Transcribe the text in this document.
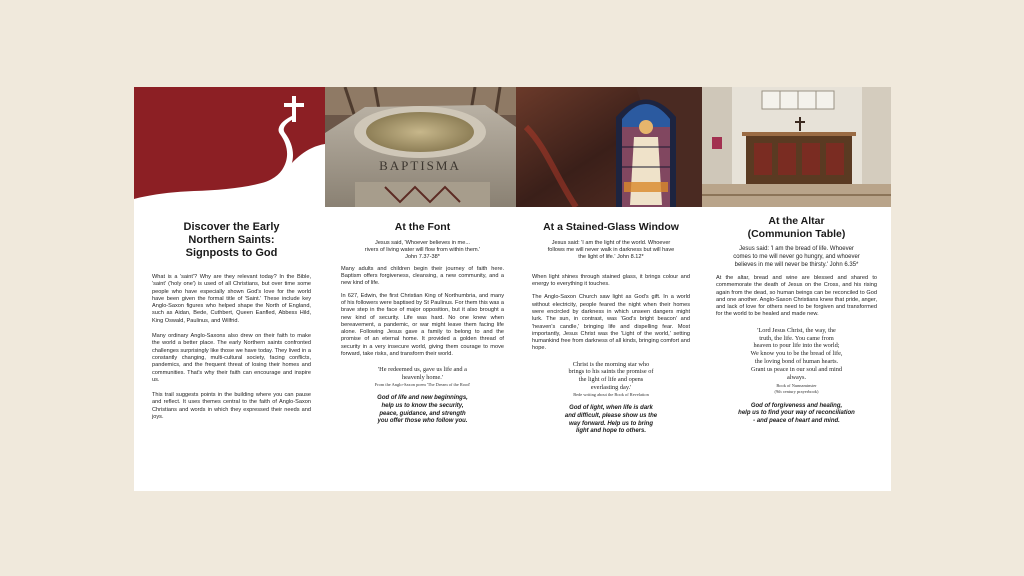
BAPTISMA

Discover the Early
Northern Saints:
Signposts to God

What is a 'saint'? Why are they relevant today? In the Bible, 'saint' ('holy one') is used of all Christians, but over time some people who have especially shown God's love for the world have been given the formal title of 'Saint.' These include key Anglo-Saxon figures who helped shape the North of England, such as Aidan, Bede, Cuthbert, Queen Eanfled, Abbess Hild, King Oswald, Paulinus, and Wilfrid.

Many ordinary Anglo-Saxons also drew on their faith to make the world a better place. The early Northern saints confronted challenges surprisingly like those we have today. They lived in a constantly changing, multi-cultural society, facing conflicts, pandemics, and the frequent threat of losing their homes and communities. That's why their faith can encourage and inspire us.

This trail suggests points in the building where you can pause and reflect. It uses themes central to the faith of Anglo-Saxon Christians and words in which they expressed their needs and joys.

At the Font

Jesus said, 'Whoever believes in me...
rivers of living water will flow from within them.'
John 7.37-38*

Many adults and children begin their journey of faith here. Baptism offers forgiveness, cleansing, a new community, and a new kind of life.

In 627, Edwin, the first Christian King of Northumbria, and many of his followers were baptised by St Paulinus. For them this was a brave step in the face of major opposition, but it also brought a new kind of security. Life was hard. No one knew when bereavement, a pandemic, or war might leave them facing life alone. Following Jesus gave a family to belong to and the promise of an eternal home. It provided a golden thread of security in a very insecure world, giving them courage to move forward, take risks, and transform their world.

'He redeemed us, gave us life and a
heavenly home.'

From the Anglo-Saxon poem 'The Dream of the Rood'

God of life and new beginnings,
help us to know the security,
peace, guidance, and strength
you offer those who follow you.

At a Stained-Glass Window

Jesus said: 'I am the light of the world. Whoever
follows me will never walk in darkness but will have
the light of life.' John 8.12*

When light shines through stained glass, it brings colour and energy to everything it touches.

The Anglo-Saxon Church saw light as God's gift. In a world without electricity, people feared the night when their homes were encircled by darkness in which unseen dangers might lurk. The sun, in contrast, was 'God's bright beacon' and 'heaven's candle,' bringing life and dispelling fear. Most importantly, Jesus Christ was the 'Light of the world,' setting humankind free from darkness of all kinds, bringing comfort and hope.

Christ is the morning star who
brings to his saints the promise of
the light of life and opens
everlasting day.'

Bede writing about the Book of Revelation

God of light, when life is dark
and difficult, please show us the
way forward. Help us to bring
light and hope to others.

At the Altar
(Communion Table)

Jesus said: 'I am the bread of life. Whoever
comes to me will never go hungry, and whoever
believes in me will never be thirsty.' John 6.35*

At the altar, bread and wine are blessed and shared to commemorate the death of Jesus on the Cross, and his rising again from the dead, so human beings can be reconciled to God and one another. Anglo-Saxon Christians knew that pride, anger, and lack of love for others need to be forgiven and transformed for the world to be healed and made new.

'Lord Jesus Christ, the way, the
truth, the life. You came from
heaven to pour life into the world;
We know you to be the bread of life,
the loving bond of human hearts.
Grant us peace in our soul and mind
always.

Book of Nunnaminster
(9th century prayerbook)

God of forgiveness and healing,
help us to find your way of reconciliation
- and peace of heart and mind.
